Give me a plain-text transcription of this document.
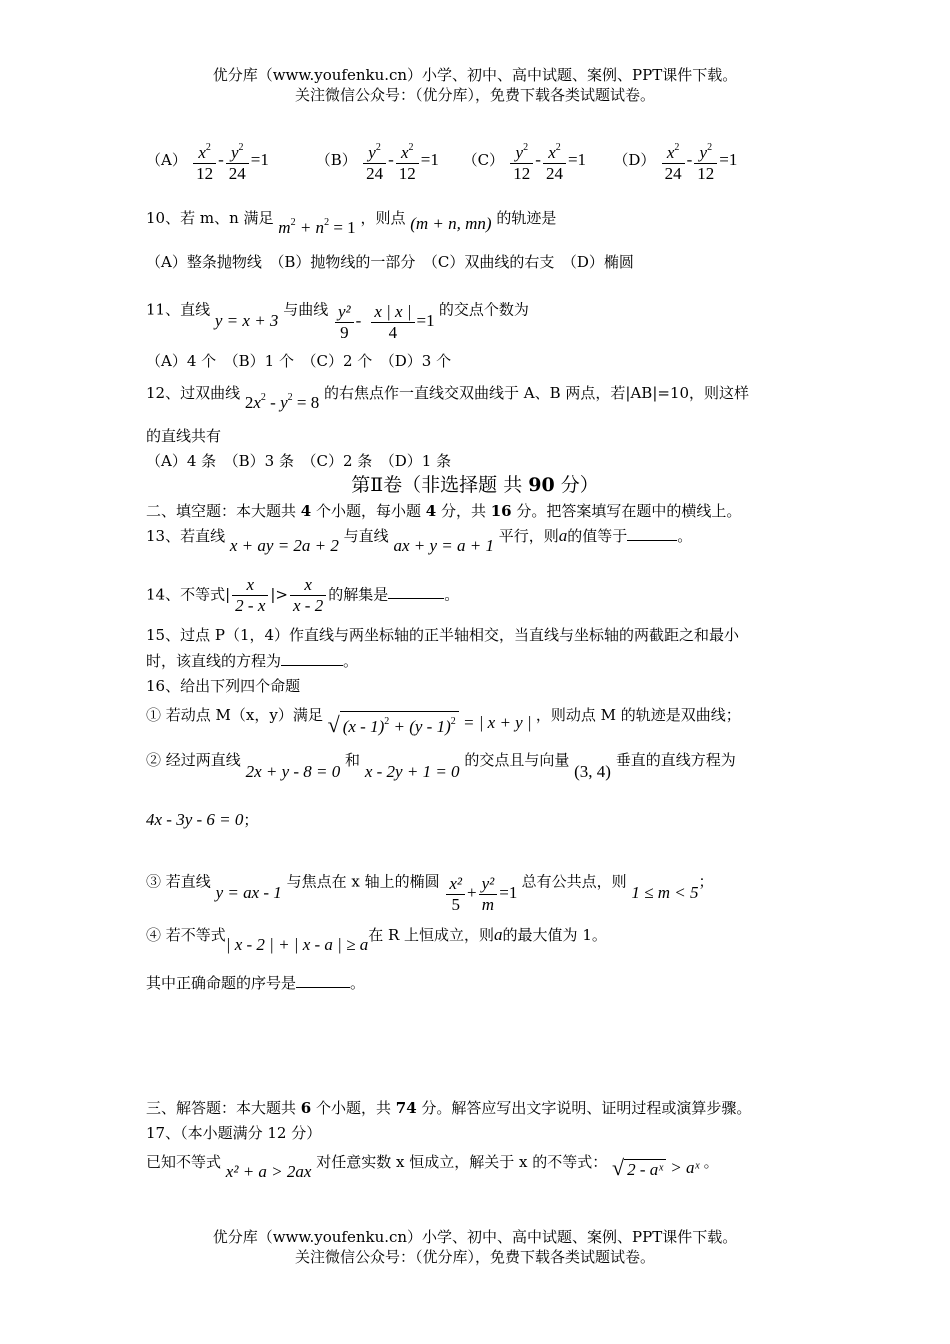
优分库（www.youfenku.cn）小学、初中、高中试题、案例、PPT课件下载。
关注微信公众号：（优分库），免费下载各类试题试卷。
$(A) \frac{x^2}{12} - \frac{y^2}{24} =1$	$(B) \frac{y^2}{24} - \frac{x^2}{12} =1$ $(C) \frac{y^2}{12} - \frac{x^2}{24} =1$ $(D) \frac{x^2}{24} - \frac{y^2}{12} =1$
10、若 m、n 满足 $m^2 + n^2 = 1$ ，则点 (m + n, mn) 的轨迹是
（A）整条抛物线　（B）抛物线的一部分　（C）双曲线的右支　（D）椭圆
11、直线 y = x + 3 与曲线 $\frac{\text{y²}}{9} - \frac{x | x |}{4} =1$ 的交点个数为
（A）4 个　（B）1 个　（C）2 个　（D）3 个
12、过双曲线 $2x^2 - y^2 = 8$ 的右焦点作一直线交双曲线于 A、B 两点，若|AB|=10，则这样
的直线共有
（A）4 条　（B）3 条　（C）2 条　（D）1 条
第Ⅱ卷（非选择题 共 90 分）
二、填空题：本大题共 4 个小题，每小题 4 分，共 16 分。把答案填写在题中的横线上。
13、若直线 x + ay = 2a + 2 与直线 ax + y = a + 1 平行，则a的值等于	。
14、不等式| $\frac{x}{2 - x}$ |> $\frac{x}{x - 2}$ 的解集是	。
15、过点 P（1，4）作直线与两坐标轴的正半轴相交，当直线与坐标轴的两截距之和最小
时，该直线的方程为	。
16、给出下列四个命题
① 若动点 M（x，y）满足 √ (x - 1)$^2$ + (y - 1)$^2$ = | x + y | ，则动点 M 的轨迹是双曲线；
② 经过两直线 2x + y - 8 = 0 和 x - 2y + 1 = 0 的交点且与向量 (3, 4) 垂直的直线方程为
4x - 3y - 6 = 0；
③ 若直线 y = ax - 1 与焦点在 x 轴上的椭圆 $\frac{\text{x²}}{5} + \frac{\text{y²}}{m} =1$ 总有公共点，则 1 ≤ m < 5；
④ 若不等式| x - 2 | + | x - a | ≥ a在 R 上恒成立，则a的最大值为 1。
其中正确命题的序号是	。
三、解答题：本大题共 6 个小题，共 74 分。解答应写出文字说明、证明过程或演算步骤。
17、（本小题满分 12 分）
已知不等式 x² + a > 2ax 对任意实数 x 恒成立，解关于 x 的不等式： √ 2 - aˣ > aˣ 。
优分库（www.youfenku.cn）小学、初中、高中试题、案例、PPT课件下载。
关注微信公众号：（优分库），免费下载各类试题试卷。
